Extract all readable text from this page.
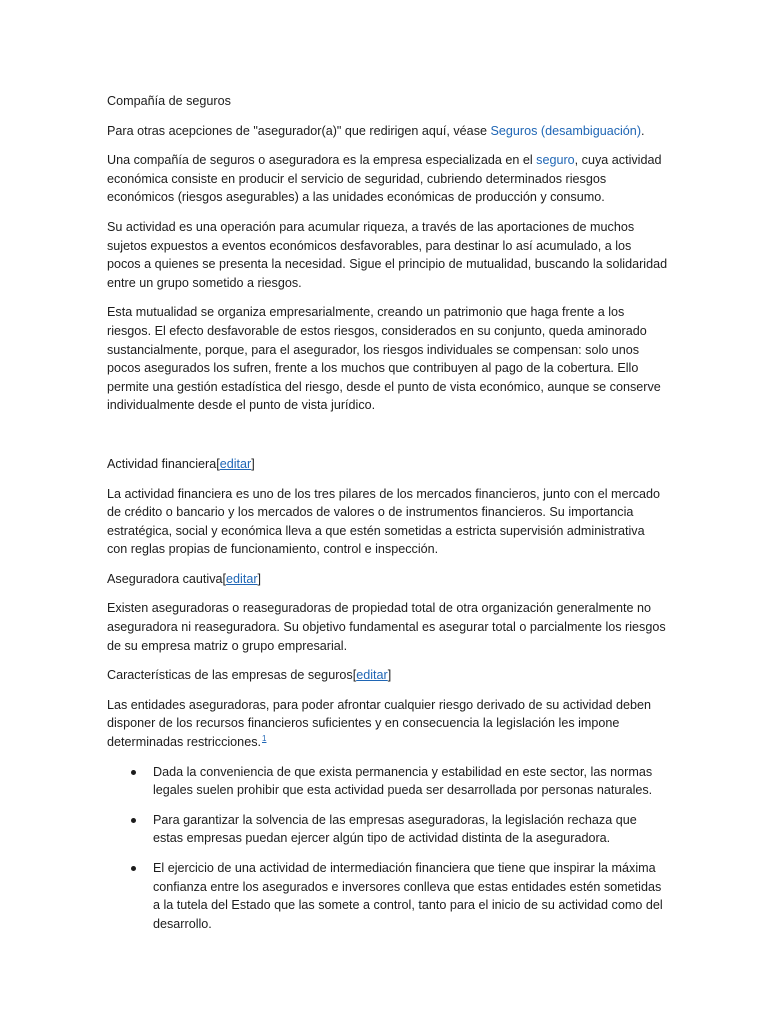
Compañía de seguros

Para otras acepciones de "asegurador(a)" que redirigen aquí, véase Seguros (desambiguación).

Una compañía de seguros o aseguradora es la empresa especializada en el seguro, cuya actividad económica consiste en producir el servicio de seguridad, cubriendo determinados riesgos económicos (riesgos asegurables) a las unidades económicas de producción y consumo.

Su actividad es una operación para acumular riqueza, a través de las aportaciones de muchos sujetos expuestos a eventos económicos desfavorables, para destinar lo así acumulado, a los pocos a quienes se presenta la necesidad. Sigue el principio de mutualidad, buscando la solidaridad entre un grupo sometido a riesgos.

Esta mutualidad se organiza empresarialmente, creando un patrimonio que haga frente a los riesgos. El efecto desfavorable de estos riesgos, considerados en su conjunto, queda aminorado sustancialmente, porque, para el asegurador, los riesgos individuales se compensan: solo unos pocos asegurados los sufren, frente a los muchos que contribuyen al pago de la cobertura. Ello permite una gestión estadística del riesgo, desde el punto de vista económico, aunque se conserve individualmente desde el punto de vista jurídico.

Actividad financiera[editar]

La actividad financiera es uno de los tres pilares de los mercados financieros, junto con el mercado de crédito o bancario y los mercados de valores o de instrumentos financieros. Su importancia estratégica, social y económica lleva a que estén sometidas a estricta supervisión administrativa con reglas propias de funcionamiento, control e inspección.

Aseguradora cautiva[editar]

Existen aseguradoras o reaseguradoras de propiedad total de otra organización generalmente no aseguradora ni reaseguradora. Su objetivo fundamental es asegurar total o parcialmente los riesgos de su empresa matriz o grupo empresarial.

Características de las empresas de seguros[editar]

Las entidades aseguradoras, para poder afrontar cualquier riesgo derivado de su actividad deben disponer de los recursos financieros suficientes y en consecuencia la legislación les impone determinadas restricciones.$^1$

Dada la conveniencia de que exista permanencia y estabilidad en este sector, las normas legales suelen prohibir que esta actividad pueda ser desarrollada por personas naturales.
Para garantizar la solvencia de las empresas aseguradoras, la legislación rechaza que estas empresas puedan ejercer algún tipo de actividad distinta de la aseguradora.
El ejercicio de una actividad de intermediación financiera que tiene que inspirar la máxima confianza entre los asegurados e inversores conlleva que estas entidades estén sometidas a la tutela del Estado que las somete a control, tanto para el inicio de su actividad como del desarrollo.
